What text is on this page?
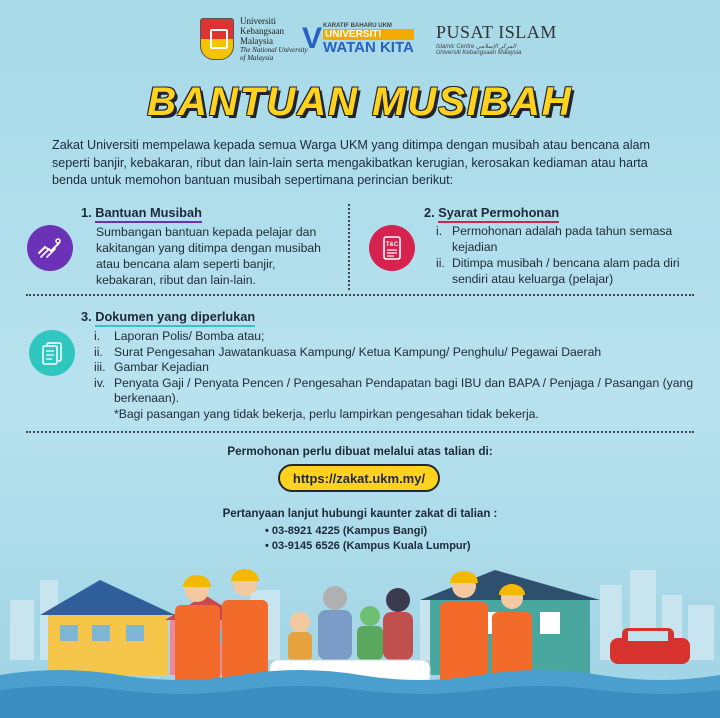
Universiti
Kebangsaan
Malaysia
The National University
of Malaysia
V KARATIF BAHARU UKM
UNIVERSITI
WATAN KITA
PUSAT ISLAM
Islamic Centre المركز الإسلامي
Universiti Kebangsaan Malaysia
BANTUAN MUSIBAH
Zakat Universiti mempelawa kepada semua Warga UKM yang ditimpa dengan musibah atau bencana alam seperti banjir, kebakaran, ribut dan lain-lain serta mengakibatkan kerugian, kerosakan kediaman atau harta benda untuk memohon bantuan musibah sepertimana perincian berikut:
1. Bantuan Musibah
Sumbangan bantuan kepada pelajar dan kakitangan yang ditimpa dengan musibah atau bencana alam seperti banjir, kebakaran, ribut dan lain-lain.
2. Syarat Permohonan
T&C
i. Permohonan adalah pada tahun semasa kejadian
ii. Ditimpa musibah / bencana alam pada diri sendiri atau keluarga (pelajar)
3. Dokumen yang diperlukan
i.	Laporan Polis/ Bomba atau;
ii. Surat Pengesahan Jawatankuasa Kampung/ Ketua Kampung/ Penghulu/ Pegawai Daerah
iii. Gambar Kejadian
iv. Penyata Gaji / Penyata Pencen / Pengesahan Pendapatan bagi IBU dan BAPA / Penjaga / Pasangan (yang berkenaan).
*Bagi pasangan yang tidak bekerja, perlu lampirkan pengesahan tidak bekerja.
Permohonan perlu dibuat melalui atas talian di:
https://zakat.ukm.my/
Pertanyaan lanjut hubungi kaunter zakat di talian :
• 03-8921 4225 (Kampus Bangi)
• 03-9145 6526 (Kampus Kuala Lumpur)
